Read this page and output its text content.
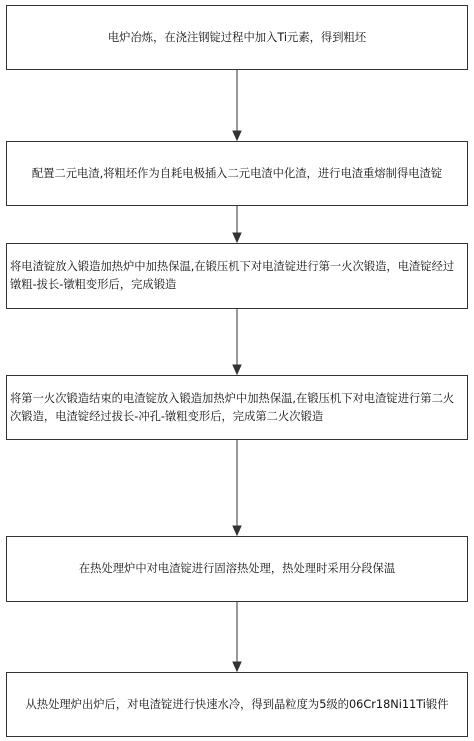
电炉冶炼，在浇注钢锭过程中加入Ti元素，得到粗坯
配置二元电渣,将粗坯作为自耗电极插入二元电渣中化渣，进行电渣重熔制得电渣锭
将电渣锭放入锻造加热炉中加热保温,在锻压机下对电渣锭进行第一火次锻造，电渣锭经过镦粗-拔长-镦粗变形后，完成锻造
将第一火次锻造结束的电渣锭放入锻造加热炉中加热保温,在锻压机下对电渣锭进行第二火次锻造，电渣锭经过拔长-冲孔-镦粗变形后，完成第二火次锻造
在热处理炉中对电渣锭进行固溶热处理，热处理时采用分段保温
从热处理炉出炉后，对电渣锭进行快速水冷，得到晶粒度为5级的06Cr18Ni11Ti锻件
